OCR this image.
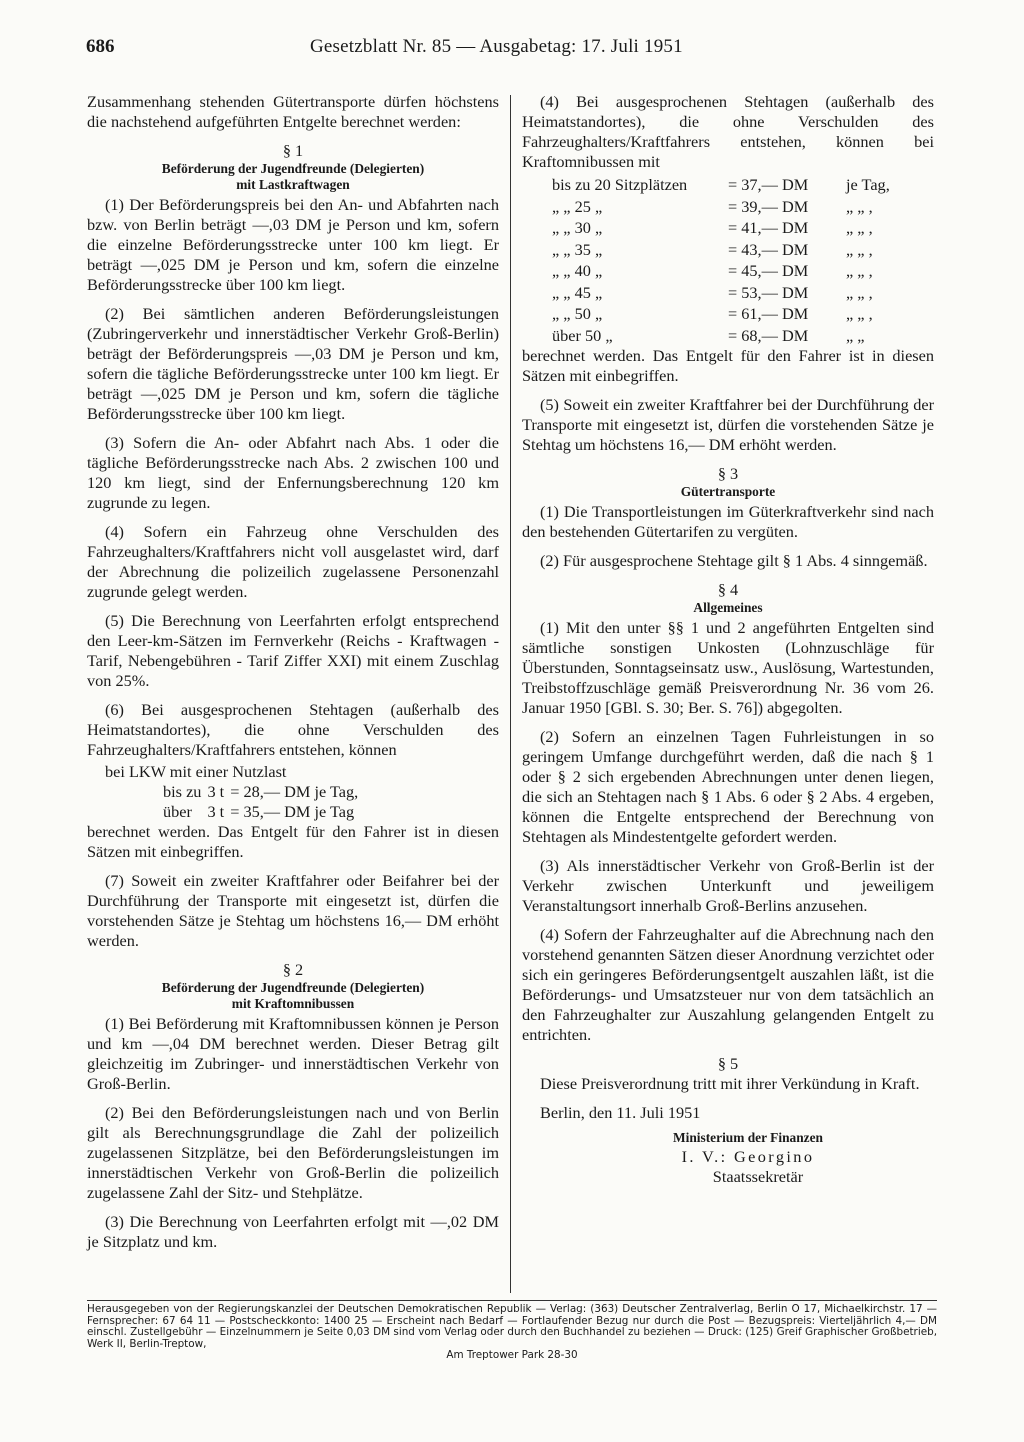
686	Gesetzblatt Nr. 85 — Ausgabetag: 17. Juli 1951

Zusammenhang stehenden Gütertransporte dürfen höchstens die nachstehend aufgeführten Entgelte berechnet werden:

§ 1

Beförderung der Jugendfreunde (Delegierten)

mit Lastkraftwagen

(1) Der Beförderungspreis bei den An- und Abfahrten nach bzw. von Berlin beträgt —,03 DM je Person und km, sofern die einzelne Beförderungsstrecke unter 100 km liegt. Er beträgt —,025 DM je Person und km, sofern die einzelne Beförderungsstrecke über 100 km liegt.

(2) Bei sämtlichen anderen Beförderungsleistungen (Zubringerverkehr und innerstädtischer Verkehr Groß-Berlin) beträgt der Beförderungspreis —,03 DM je Person und km, sofern die tägliche Beförderungsstrecke unter 100 km liegt. Er beträgt —,025 DM je Person und km, sofern die tägliche Beförderungsstrecke über 100 km liegt.

(3) Sofern die An- oder Abfahrt nach Abs. 1 oder die tägliche Beförderungsstrecke nach Abs. 2 zwischen 100 und 120 km liegt, sind der Enfernungsberechnung 120 km zugrunde zu legen.

(4) Sofern ein Fahrzeug ohne Verschulden des Fahrzeughalters/Kraftfahrers nicht voll ausgelastet wird, darf der Abrechnung die polizeilich zugelassene Personenzahl zugrunde gelegt werden.

(5) Die Berechnung von Leerfahrten erfolgt entsprechend den Leer-km-Sätzen im Fernverkehr (Reichs - Kraftwagen - Tarif, Nebengebühren - Tarif Ziffer XXI) mit einem Zuschlag von 25%.

(6) Bei ausgesprochenen Stehtagen (außerhalb des Heimatstandortes), die ohne Verschulden des Fahrzeughalters/Kraftfahrers entstehen, können

bei LKW mit einer Nutzlast

bis zu	3 t	= 28,— DM je Tag,
über	3 t	= 35,— DM je Tag

berechnet werden. Das Entgelt für den Fahrer ist in diesen Sätzen mit einbegriffen.

(7) Soweit ein zweiter Kraftfahrer oder Beifahrer bei der Durchführung der Transporte mit eingesetzt ist, dürfen die vorstehenden Sätze je Stehtag um höchstens 16,— DM erhöht werden.

§ 2

Beförderung der Jugendfreunde (Delegierten)

mit Kraftomnibussen

(1) Bei Beförderung mit Kraftomnibussen können je Person und km —,04 DM berechnet werden. Dieser Betrag gilt gleichzeitig im Zubringer- und innerstädtischen Verkehr von Groß-Berlin.

(2) Bei den Beförderungsleistungen nach und von Berlin gilt als Berechnungsgrundlage die Zahl der polizeilich zugelassenen Sitzplätze, bei den Beförderungsleistungen im innerstädtischen Verkehr von Groß-Berlin die polizeilich zugelassene Zahl der Sitz- und Stehplätze.

(3) Die Berechnung von Leerfahrten erfolgt mit —,02 DM je Sitzplatz und km.

(4) Bei ausgesprochenen Stehtagen (außerhalb des Heimatstandortes), die ohne Verschulden des Fahrzeughalters/Kraftfahrers entstehen, können bei Kraftomnibussen mit

bis zu 20 Sitzplätzen	= 37,— DM	je Tag,
„ „ 25 „	= 39,— DM	„ „ ,
„ „ 30 „	= 41,— DM	„ „ ,
„ „ 35 „	= 43,— DM	„ „ ,
„ „ 40 „	= 45,— DM	„ „ ,
„ „ 45 „	= 53,— DM	„ „ ,
„ „ 50 „	= 61,— DM	„ „ ,
über 50 „	= 68,— DM	„ „

berechnet werden. Das Entgelt für den Fahrer ist in diesen Sätzen mit einbegriffen.

(5) Soweit ein zweiter Kraftfahrer bei der Durchführung der Transporte mit eingesetzt ist, dürfen die vorstehenden Sätze je Stehtag um höchstens 16,— DM erhöht werden.

§ 3

Gütertransporte

(1) Die Transportleistungen im Güterkraftverkehr sind nach den bestehenden Gütertarifen zu vergüten.

(2) Für ausgesprochene Stehtage gilt § 1 Abs. 4 sinngemäß.

§ 4

Allgemeines

(1) Mit den unter §§ 1 und 2 angeführten Entgelten sind sämtliche sonstigen Unkosten (Lohnzuschläge für Überstunden, Sonntagseinsatz usw., Auslösung, Wartestunden, Treibstoffzuschläge gemäß Preisverordnung Nr. 36 vom 26. Januar 1950 [GBl. S. 30; Ber. S. 76]) abgegolten.

(2) Sofern an einzelnen Tagen Fuhrleistungen in so geringem Umfange durchgeführt werden, daß die nach § 1 oder § 2 sich ergebenden Abrechnungen unter denen liegen, die sich an Stehtagen nach § 1 Abs. 6 oder § 2 Abs. 4 ergeben, können die Entgelte entsprechend der Berechnung von Stehtagen als Mindestentgelte gefordert werden.

(3) Als innerstädtischer Verkehr von Groß-Berlin ist der Verkehr zwischen Unterkunft und jeweiligem Veranstaltungsort innerhalb Groß-Berlins anzusehen.

(4) Sofern der Fahrzeughalter auf die Abrechnung nach den vorstehend genannten Sätzen dieser Anordnung verzichtet oder sich ein geringeres Beförderungsentgelt auszahlen läßt, ist die Beförderungs- und Umsatzsteuer nur von dem tatsächlich an den Fahrzeughalter zur Auszahlung gelangenden Entgelt zu entrichten.

§ 5

Diese Preisverordnung tritt mit ihrer Verkündung in Kraft.

Berlin, den 11. Juli 1951

Ministerium der Finanzen

I. V.: Georgino

Staatssekretär

Herausgegeben von der Regierungskanzlei der Deutschen Demokratischen Republik — Verlag: (363) Deutscher Zentralverlag, Berlin O 17, Michaelkirchstr. 17 — Fernsprecher: 67 64 11 — Postscheckkonto: 1400 25 — Erscheint nach Bedarf — Fortlaufender Bezug nur durch die Post — Bezugspreis: Vierteljährlich 4,— DM einschl. Zustellgebühr — Einzelnummern je Seite 0,03 DM sind vom Verlag oder durch den Buchhandel zu beziehen — Druck: (125) Greif Graphischer Großbetrieb, Werk II, Berlin-Treptow,

Am Treptower Park 28-30
